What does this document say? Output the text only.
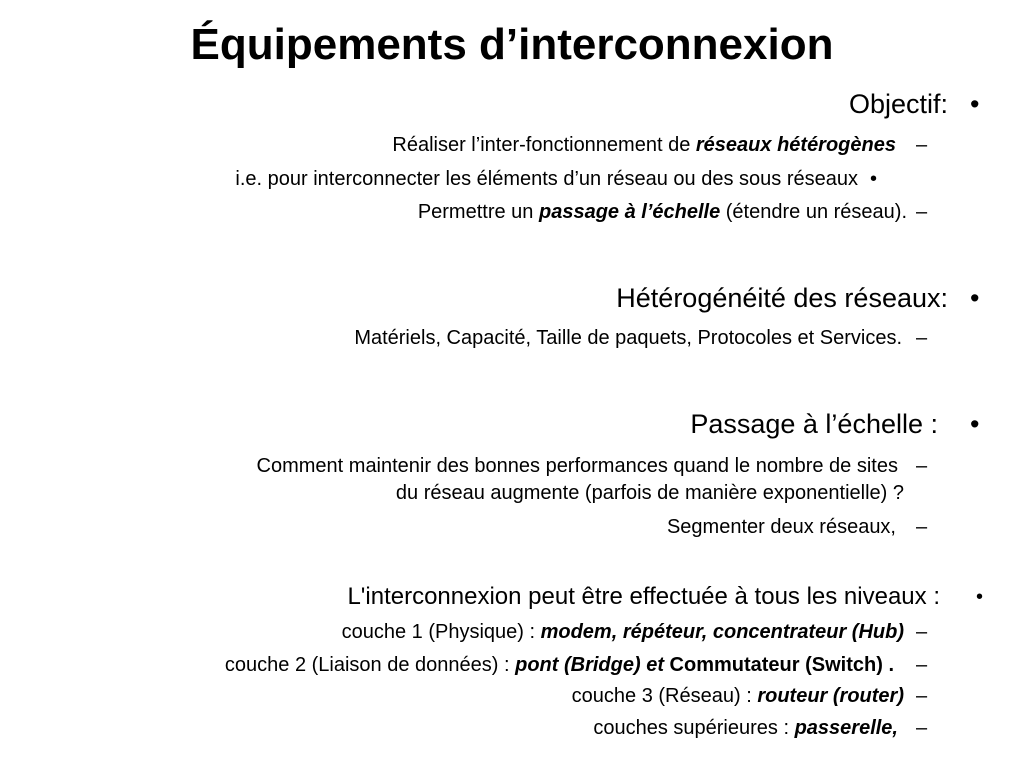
Équipements d’interconnexion
Objectif: •
Réaliser l’inter-fonctionnement de réseaux hétérogènes –
i.e. pour interconnecter les éléments d’un réseau ou des sous réseaux •
Permettre un passage à l’échelle (étendre un réseau). –
Hétérogénéité des réseaux: •
Matériels, Capacité, Taille de paquets, Protocoles et Services. –
Passage à l’échelle : •
Comment maintenir des bonnes performances quand le nombre de sites
du réseau augmente (parfois de manière exponentielle) ?
–
Segmenter deux réseaux, –
L'interconnexion peut être effectuée à tous les niveaux : •
couche 1 (Physique) : modem, répéteur, concentrateur (Hub) –
couche 2 (Liaison de données) : pont (Bridge) et Commutateur (Switch) . –
couche 3 (Réseau) : routeur (router) –
couches supérieures : passerelle, –
